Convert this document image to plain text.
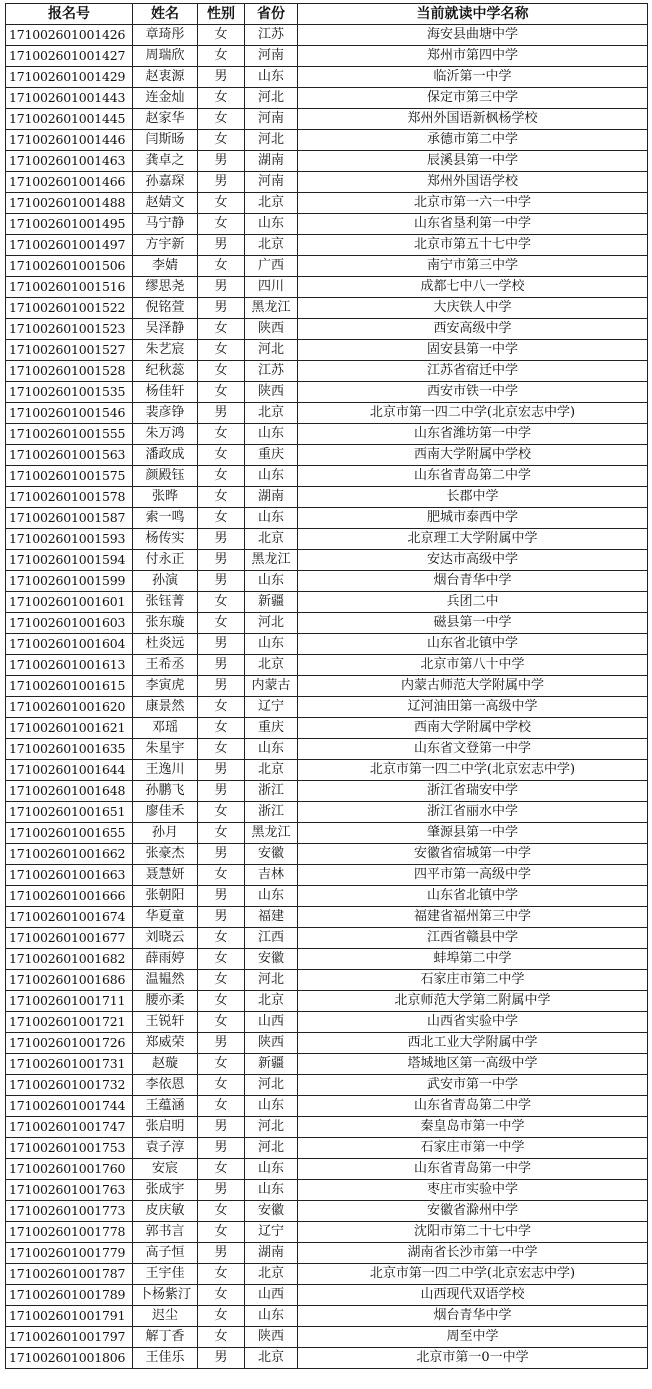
报名号	姓名	性别	省份	当前就读中学名称
171002601001426	章琦彤	女	江苏	海安县曲塘中学
171002601001427	周瑞欣	女	河南	郑州市第四中学
171002601001429	赵衷源	男	山东	临沂第一中学
171002601001443	连金灿	女	河北	保定市第三中学
171002601001445	赵家华	女	河南	郑州外国语新枫杨学校
171002601001446	闫斯旸	女	河北	承德市第二中学
171002601001463	龚卓之	男	湖南	辰溪县第一中学
171002601001466	孙嘉琛	男	河南	郑州外国语学校
171002601001488	赵婧文	女	北京	北京市第一六一中学
171002601001495	马宁静	女	山东	山东省垦利第一中学
171002601001497	方宇新	男	北京	北京市第五十七中学
171002601001506	李婧	女	广西	南宁市第三中学
171002601001516	缪思尧	男	四川	成都七中八一学校
171002601001522	倪铭萱	男	黑龙江	大庆铁人中学
171002601001523	吴泽静	女	陕西	西安高级中学
171002601001527	朱艺宸	女	河北	固安县第一中学
171002601001528	纪秋蕊	女	江苏	江苏省宿迁中学
171002601001535	杨佳轩	女	陕西	西安市铁一中学
171002601001546	裴彦铮	男	北京	北京市第一四二中学(北京宏志中学)
171002601001555	朱万鸿	女	山东	山东省潍坊第一中学
171002601001563	潘政成	女	重庆	西南大学附属中学校
171002601001575	颜殿钰	女	山东	山东省青岛第二中学
171002601001578	张晔	女	湖南	长郡中学
171002601001587	索一鸣	女	山东	肥城市泰西中学
171002601001593	杨传实	男	北京	北京理工大学附属中学
171002601001594	付永正	男	黑龙江	安达市高级中学
171002601001599	孙演	男	山东	烟台青华中学
171002601001601	张钰菁	女	新疆	兵团二中
171002601001603	张东璇	女	河北	磁县第一中学
171002601001604	杜炎远	男	山东	山东省北镇中学
171002601001613	王希丞	男	北京	北京市第八十中学
171002601001615	李寅虎	男	内蒙古	内蒙古师范大学附属中学
171002601001620	康景然	女	辽宁	辽河油田第一高级中学
171002601001621	邓瑶	女	重庆	西南大学附属中学校
171002601001635	朱星宇	女	山东	山东省文登第一中学
171002601001644	王逸川	男	北京	北京市第一四二中学(北京宏志中学)
171002601001648	孙鹏飞	男	浙江	浙江省瑞安中学
171002601001651	廖佳禾	女	浙江	浙江省丽水中学
171002601001655	孙月	女	黑龙江	肇源县第一中学
171002601001662	张豪杰	男	安徽	安徽省宿城第一中学
171002601001663	聂慧妍	女	吉林	四平市第一高级中学
171002601001666	张朝阳	男	山东	山东省北镇中学
171002601001674	华夏童	男	福建	福建省福州第三中学
171002601001677	刘晓云	女	江西	江西省赣县中学
171002601001682	薛雨婷	女	安徽	蚌埠第二中学
171002601001686	温韫然	女	河北	石家庄市第二中学
171002601001711	腰亦柔	女	北京	北京师范大学第二附属中学
171002601001721	王锐轩	女	山西	山西省实验中学
171002601001726	郑威荣	男	陕西	西北工业大学附属中学
171002601001731	赵璇	女	新疆	塔城地区第一高级中学
171002601001732	李依恩	女	河北	武安市第一中学
171002601001744	王蕴涵	女	山东	山东省青岛第二中学
171002601001747	张启明	男	河北	秦皇岛市第一中学
171002601001753	袁子淳	男	河北	石家庄市第一中学
171002601001760	安宸	女	山东	山东省青岛第一中学
171002601001763	张成宇	男	山东	枣庄市实验中学
171002601001773	皮庆敏	女	安徽	安徽省滁州中学
171002601001778	郭书言	女	辽宁	沈阳市第二十七中学
171002601001779	高子恒	男	湖南	湖南省长沙市第一中学
171002601001787	王宇佳	女	北京	北京市第一四二中学(北京宏志中学)
171002601001789	卜杨紫汀	女	山西	山西现代双语学校
171002601001791	迟尘	女	山东	烟台青华中学
171002601001797	解丁香	女	陕西	周至中学
171002601001806	王佳乐	男	北京	北京市第一0一中学
